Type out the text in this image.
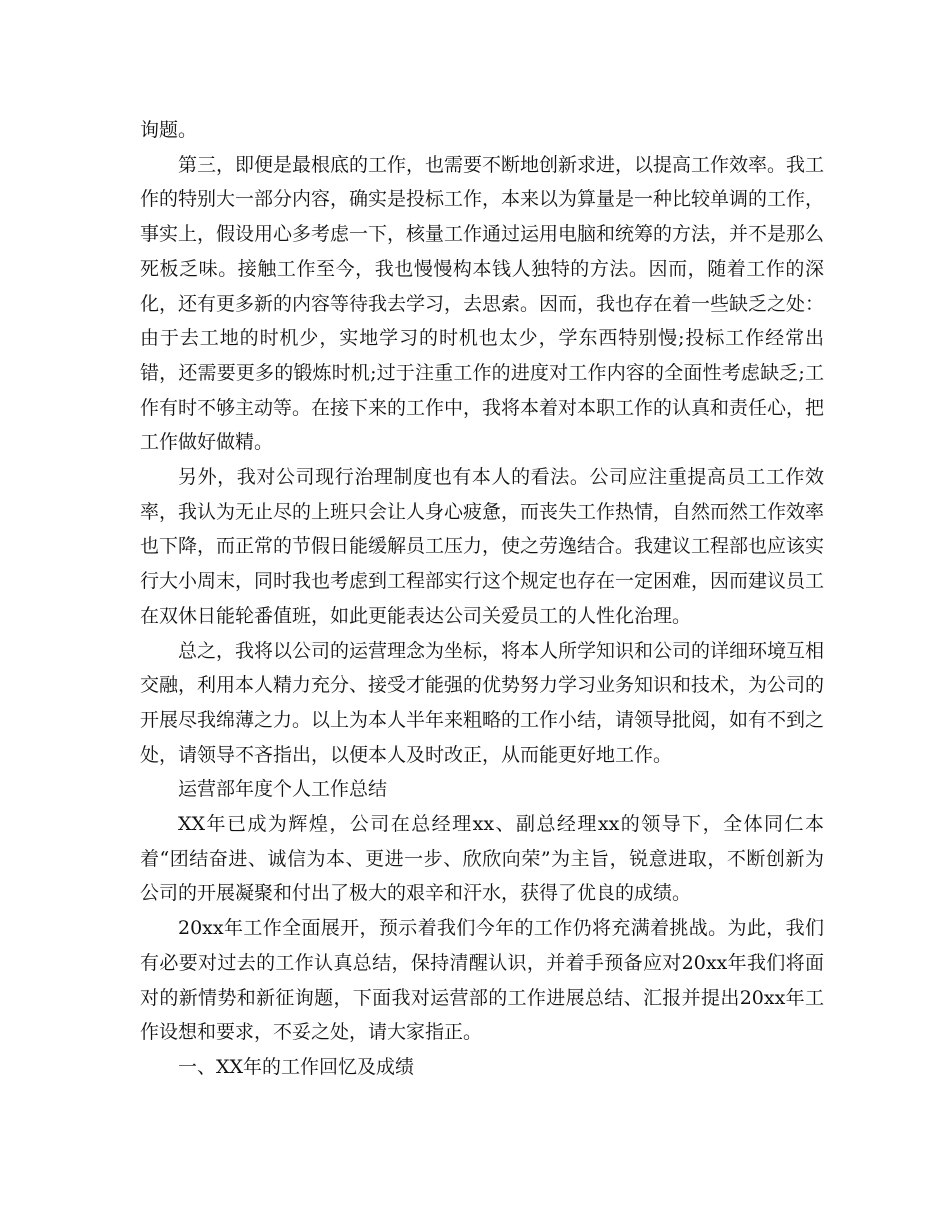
询题。

第三，即便是最根底的工作，也需要不断地创新求进，以提高工作效率。我工作的特别大一部分内容，确实是投标工作，本来以为算量是一种比较单调的工作，事实上，假设用心多考虑一下，核量工作通过运用电脑和统筹的方法，并不是那么死板乏味。接触工作至今，我也慢慢构本钱人独特的方法。因而，随着工作的深化，还有更多新的内容等待我去学习，去思索。因而，我也存在着一些缺乏之处：由于去工地的时机少，实地学习的时机也太少，学东西特别慢;投标工作经常出错，还需要更多的锻炼时机;过于注重工作的进度对工作内容的全面性考虑缺乏;工作有时不够主动等。在接下来的工作中，我将本着对本职工作的认真和责任心，把工作做好做精。

另外，我对公司现行治理制度也有本人的看法。公司应注重提高员工工作效率，我认为无止尽的上班只会让人身心疲惫，而丧失工作热情，自然而然工作效率也下降，而正常的节假日能缓解员工压力，使之劳逸结合。我建议工程部也应该实行大小周末，同时我也考虑到工程部实行这个规定也存在一定困难，因而建议员工在双休日能轮番值班，如此更能表达公司关爱员工的人性化治理。

总之，我将以公司的运营理念为坐标，将本人所学知识和公司的详细环境互相交融，利用本人精力充分、接受才能强的优势努力学习业务知识和技术，为公司的开展尽我绵薄之力。以上为本人半年来粗略的工作小结，请领导批阅，如有不到之处，请领导不吝指出，以便本人及时改正，从而能更好地工作。

运营部年度个人工作总结

XX年已成为辉煌，公司在总经理xx、副总经理xx的领导下，全体同仁本着“团结奋进、诚信为本、更进一步、欣欣向荣”为主旨，锐意进取，不断创新为公司的开展凝聚和付出了极大的艰辛和汗水，获得了优良的成绩。

20xx年工作全面展开，预示着我们今年的工作仍将充满着挑战。为此，我们有必要对过去的工作认真总结，保持清醒认识，并着手预备应对20xx年我们将面对的新情势和新征询题，下面我对运营部的工作进展总结、汇报并提出20xx年工作设想和要求，不妥之处，请大家指正。

一、XX年的工作回忆及成绩
